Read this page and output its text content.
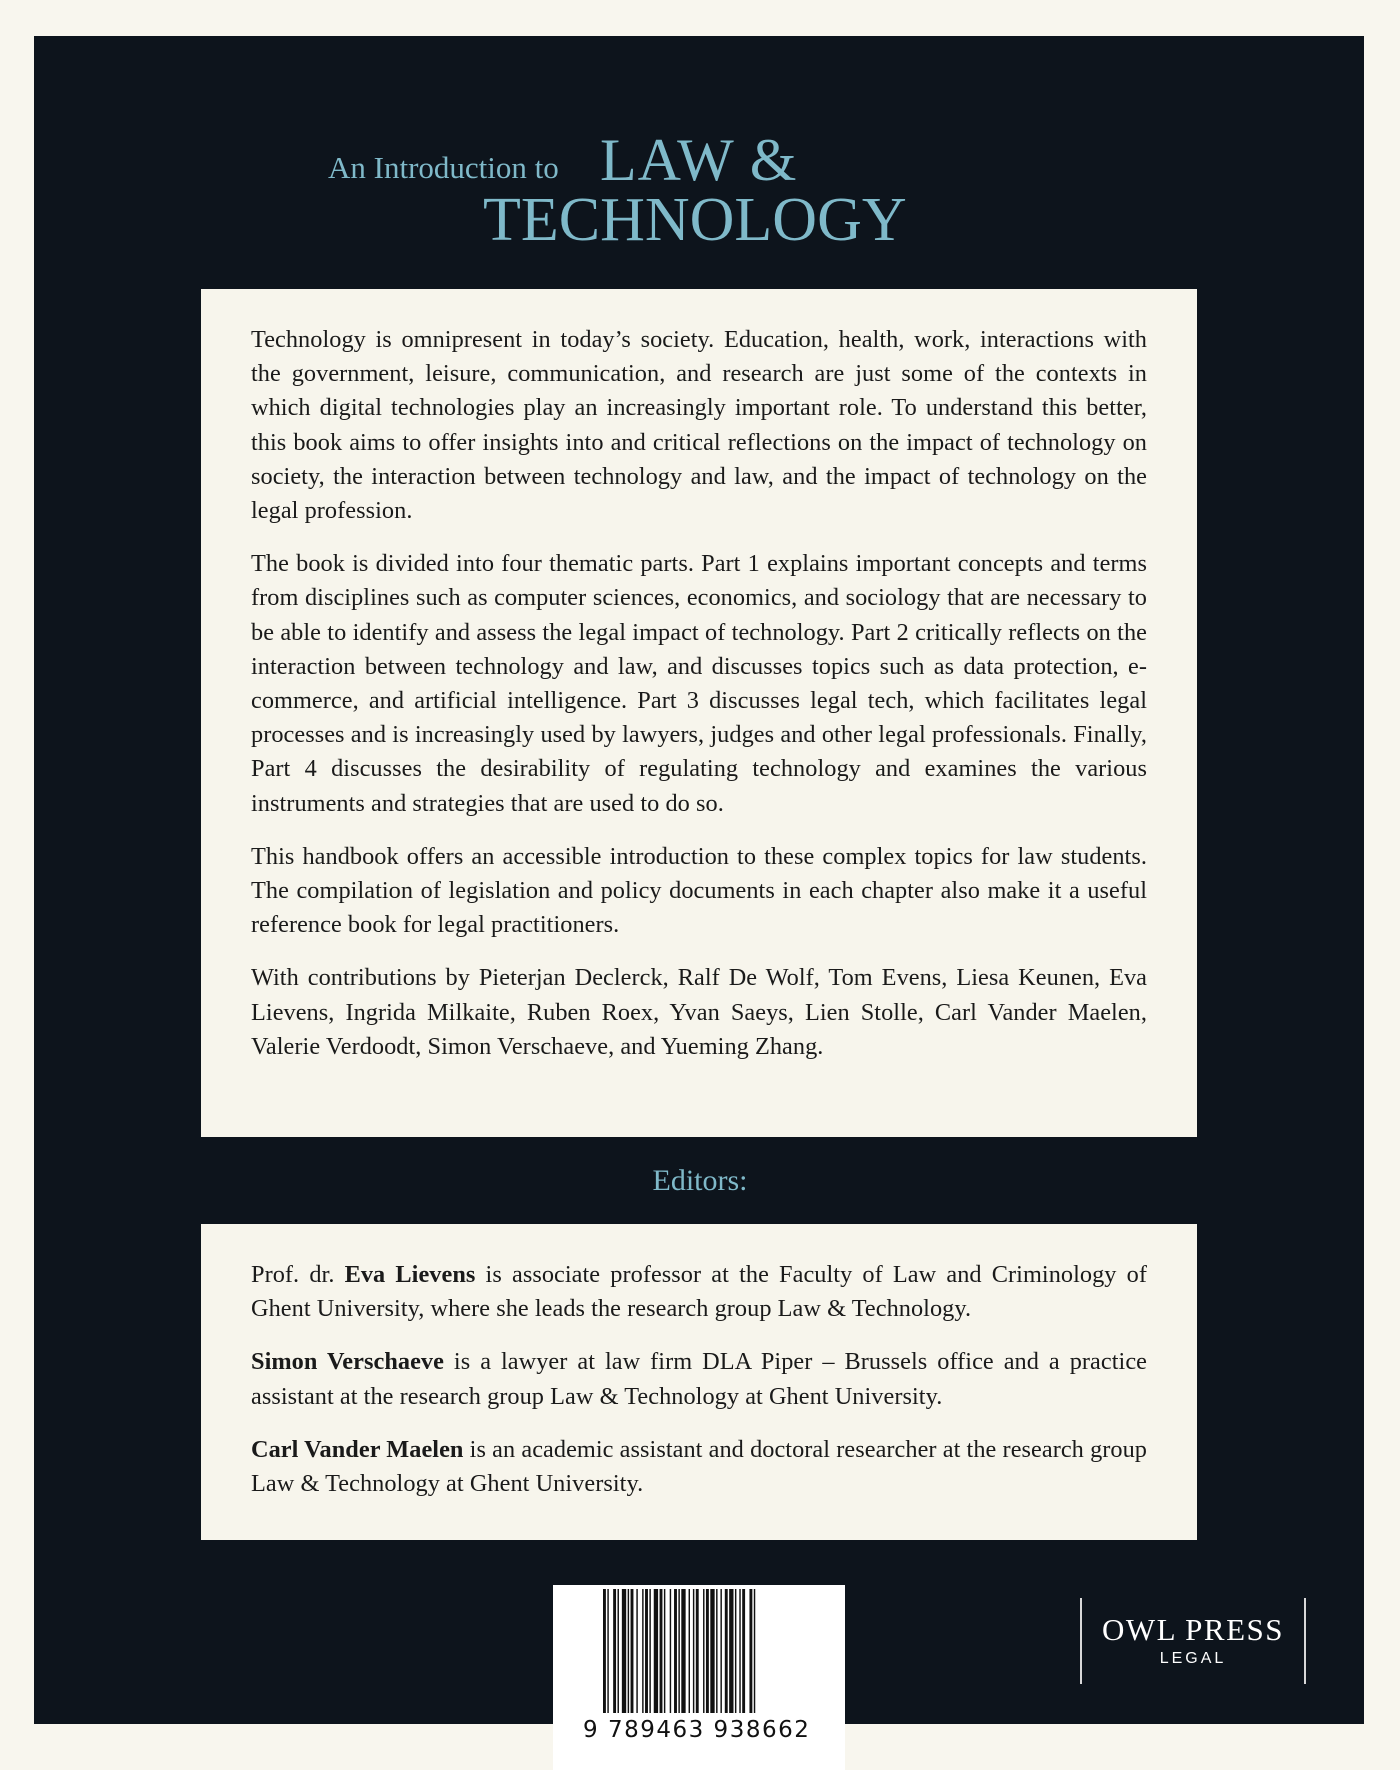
An Introduction to LAW &
TECHNOLOGY

Technology is omnipresent in today’s society. Education, health, work, interactions with the government, leisure, communication, and research are just some of the contexts in which digital technologies play an increasingly important role. To understand this better, this book aims to offer insights into and critical reflections on the impact of technology on society, the interaction between technology and law, and the impact of technology on the legal profession.

The book is divided into four thematic parts. Part 1 explains important concepts and terms from disciplines such as computer sciences, economics, and sociology that are necessary to be able to identify and assess the legal impact of technology. Part 2 critically reflects on the interaction between technology and law, and discusses topics such as data protection, e-commerce, and artificial intelligence. Part 3 discusses legal tech, which facilitates legal processes and is increasingly used by lawyers, judges and other legal professionals. Finally, Part 4 discusses the desirability of regulating technology and examines the various instruments and strategies that are used to do so.

This handbook offers an accessible introduction to these complex topics for law students. The compilation of legislation and policy documents in each chapter also make it a useful reference book for legal practitioners.

With contributions by Pieterjan Declerck, Ralf De Wolf, Tom Evens, Liesa Keunen, Eva Lievens, Ingrida Milkaite, Ruben Roex, Yvan Saeys, Lien Stolle, Carl Vander Maelen, Valerie Verdoodt, Simon Verschaeve, and Yueming Zhang.

Editors:

Prof. dr. Eva Lievens is associate professor at the Faculty of Law and Criminology of Ghent University, where she leads the research group Law & Technology.

Simon Verschaeve is a lawyer at law firm DLA Piper – Brussels office and a practice assistant at the research group Law & Technology at Ghent University.

Carl Vander Maelen is an academic assistant and doctoral researcher at the research group Law & Technology at Ghent University.

9 789463 938662
OWL PRESS
LEGAL
